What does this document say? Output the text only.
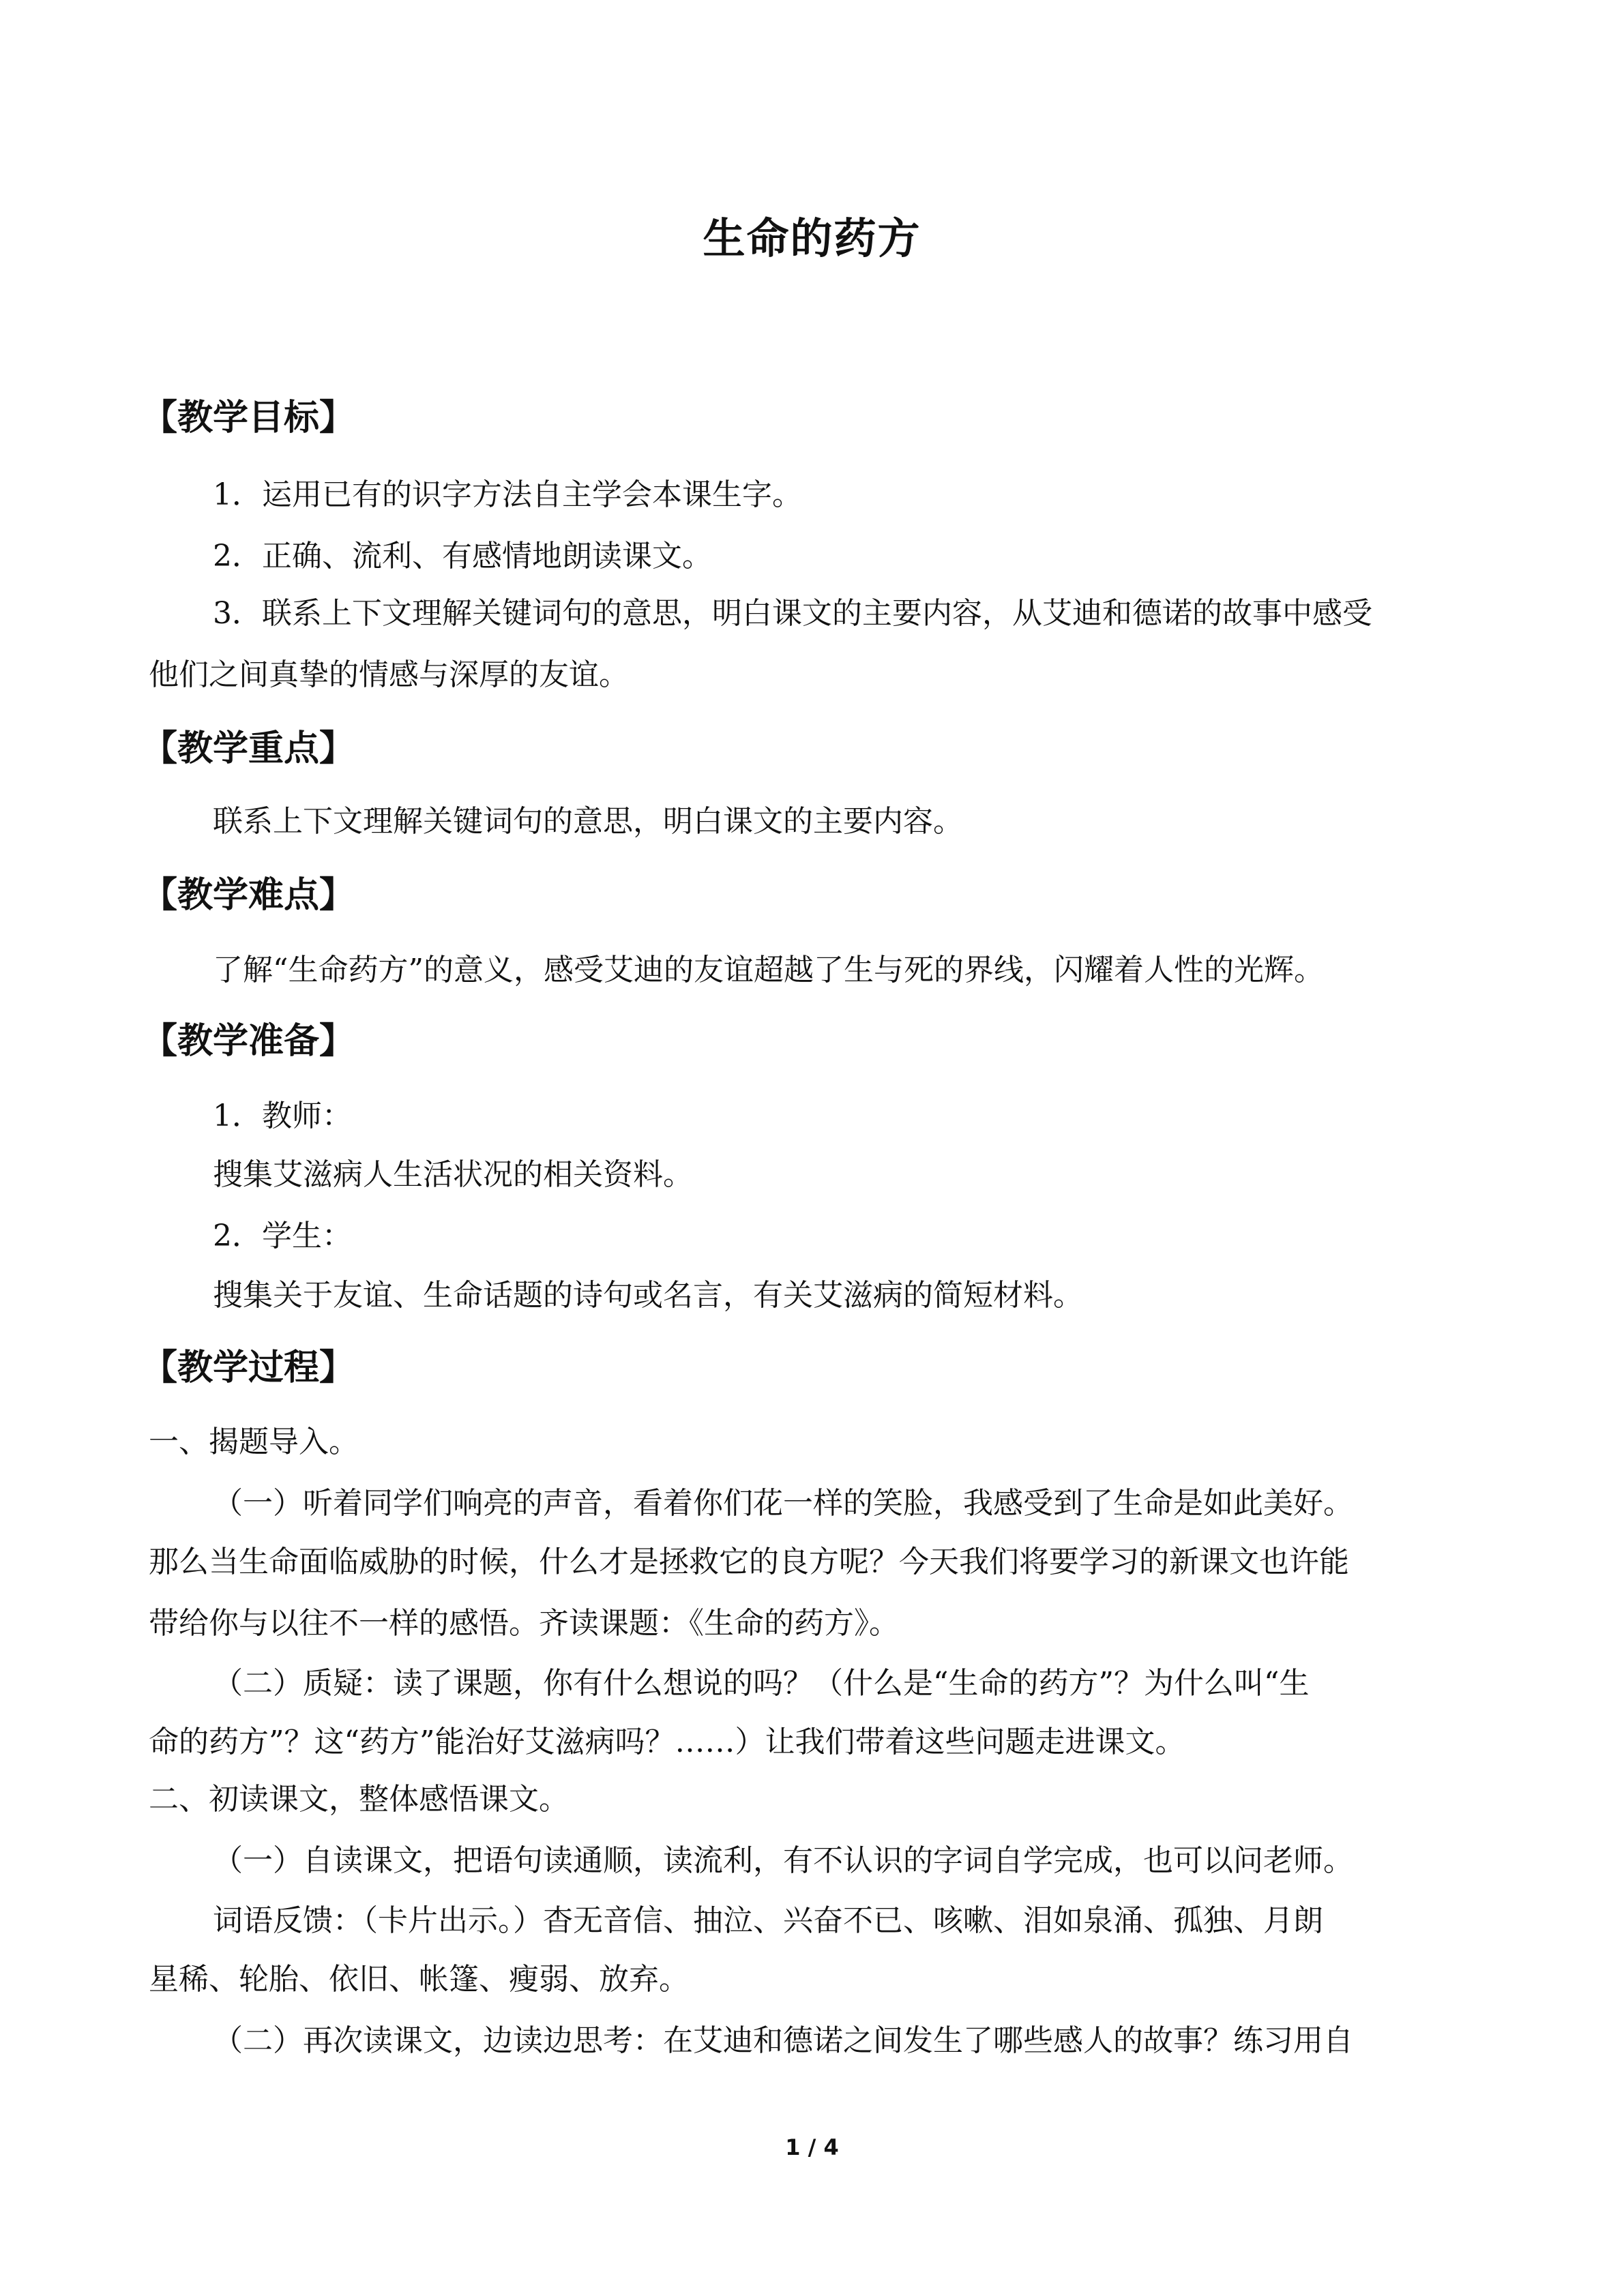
生命的药方
【教学目标】
1．运用已有的识字方法自主学会本课生字。
2．正确、流利、有感情地朗读课文。
3．联系上下文理解关键词句的意思，明白课文的主要内容，从艾迪和德诺的故事中感受
他们之间真挚的情感与深厚的友谊。
【教学重点】
联系上下文理解关键词句的意思，明白课文的主要内容。
【教学难点】
了解“生命药方”的意义，感受艾迪的友谊超越了生与死的界线，闪耀着人性的光辉。
【教学准备】
1．教师：
搜集艾滋病人生活状况的相关资料。
2．学生：
搜集关于友谊、生命话题的诗句或名言，有关艾滋病的简短材料。
【教学过程】
一、揭题导入。
（一）听着同学们响亮的声音，看着你们花一样的笑脸，我感受到了生命是如此美好。
那么当生命面临威胁的时候，什么才是拯救它的良方呢？今天我们将要学习的新课文也许能
带给你与以往不一样的感悟。齐读课题：《生命的药方》。
（二）质疑：读了课题，你有什么想说的吗？（什么是“生命的药方”？为什么叫“生
命的药方”？这“药方”能治好艾滋病吗？……）让我们带着这些问题走进课文。
二、初读课文，整体感悟课文。
（一）自读课文，把语句读通顺，读流利，有不认识的字词自学完成，也可以问老师。
词语反馈：（卡片出示。）杳无音信、抽泣、兴奋不已、咳嗽、泪如泉涌、孤独、月朗
星稀、轮胎、依旧、帐篷、瘦弱、放弃。
（二）再次读课文，边读边思考：在艾迪和德诺之间发生了哪些感人的故事？练习用自
1 / 4
